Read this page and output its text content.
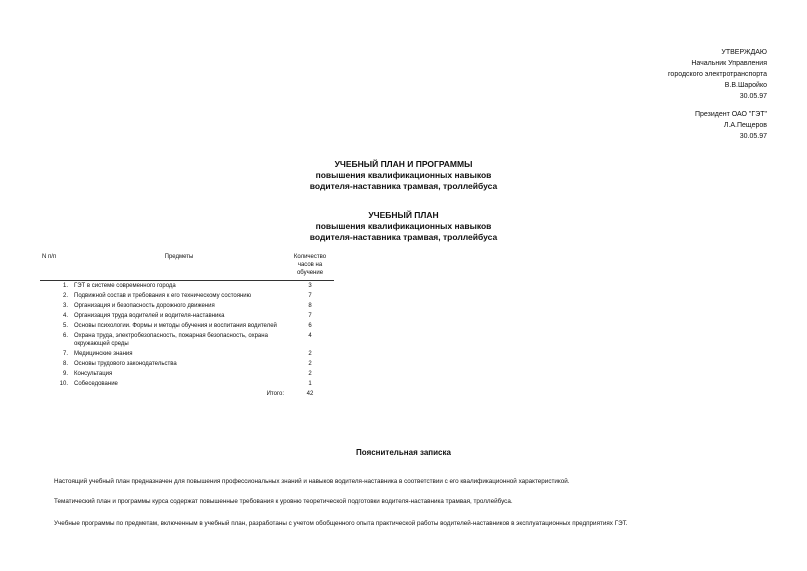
УТВЕРЖДАЮ
Начальник Управления
городского электротранспорта
В.В.Шаройко
30.05.97
Президент ОАО "ГЭТ"
Л.А.Пещеров
30.05.97
УЧЕБНЫЙ ПЛАН И ПРОГРАММЫ
повышения квалификационных навыков
водителя-наставника трамвая, троллейбуса
УЧЕБНЫЙ ПЛАН
повышения квалификационных навыков
водителя-наставника трамвая, троллейбуса
N п/п	Предметы	Количество часов на обучение
1.	ГЭТ в системе современного города	3
2.	Подвижной состав и требования к его техническому состоянию	7
3.	Организация и безопасность дорожного движения	8
4.	Организация труда водителей и водителя-наставника	7
5.	Основы психологии. Формы и методы обучения и воспитания водителей	6
6.	Охрана труда, электробезопасность, пожарная безопасность, охрана окружающей среды	4
7.	Медицинские знания	2
8.	Основы трудового законодательства	2
9.	Консультация	2
10.	Собеседование	1
	Итого:	42
Пояснительная записка
Настоящий учебный план предназначен для повышения профессиональных знаний и навыков водителя-наставника в соответствии с его квалификационной характеристикой.
Тематический план и программы курса содержат повышенные требования к уровню теоретической подготовки водителя-наставника трамвая, троллейбуса.
Учебные программы по предметам, включенным в учебный план, разработаны с учетом обобщенного опыта практической работы водителей-наставников в эксплуатационных предприятиях ГЭТ.
